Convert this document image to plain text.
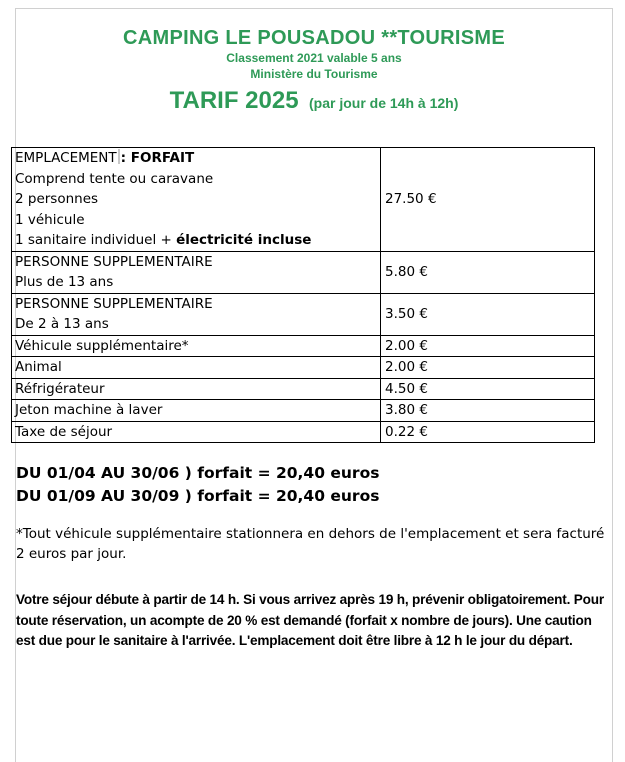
CAMPING LE POUSADOU **TOURISME
Classement 2021 valable 5 ans
Ministère du Tourisme
TARIF 2025 (par jour de 14h à 12h)
EMPLACEMENT : FORFAIT
Comprend tente ou caravane
2 personnes
1 véhicule
1 sanitaire individuel + électricité incluse	27.50 €

PERSONNE SUPPLEMENTAIRE
Plus de 13 ans	5.80 €

PERSONNE SUPPLEMENTAIRE
De 2 à 13 ans	3.50 €
Véhicule supplémentaire*	2.00 €
Animal	2.00 €
Réfrigérateur	4.50 €
Jeton machine à laver	3.80 €
Taxe de séjour	0.22 €
DU 01/04 AU 30/06 ) forfait = 20,40 euros
DU 01/09 AU 30/09 ) forfait = 20,40 euros
*Tout véhicule supplémentaire stationnera en dehors de l'emplacement et sera facturé 2 euros par jour.
Votre séjour débute à partir de 14 h. Si vous arrivez après 19 h, prévenir obligatoirement. Pour toute réservation, un acompte de 20 % est demandé (forfait x nombre de jours). Une caution est due pour le sanitaire à l'arrivée. L'emplacement doit être libre à 12 h le jour du départ.
